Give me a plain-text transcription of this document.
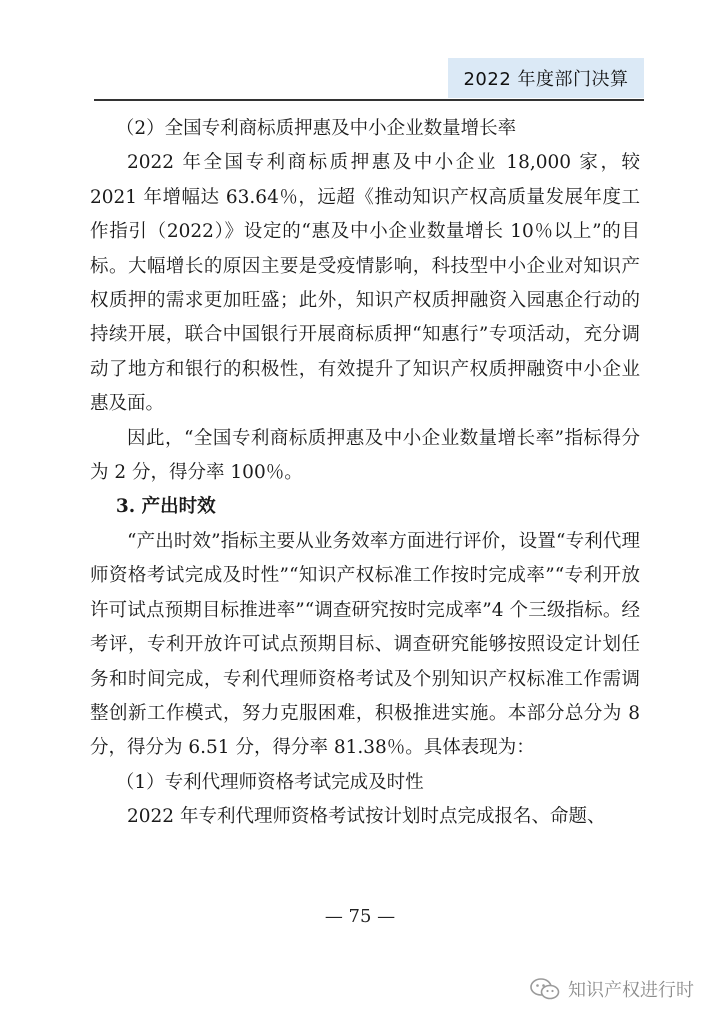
2022 年度部门决算

（2）全国专利商标质押惠及中小企业数量增长率

2022 年全国专利商标质押惠及中小企业 18,000 家，较 2021 年增幅达 63.64％，远超《推动知识产权高质量发展年度工作指引（2022）》设定的“惠及中小企业数量增长 10％以上”的目标。大幅增长的原因主要是受疫情影响，科技型中小企业对知识产权质押的需求更加旺盛；此外，知识产权质押融资入园惠企行动的持续开展，联合中国银行开展商标质押“知惠行”专项活动，充分调动了地方和银行的积极性，有效提升了知识产权质押融资中小企业惠及面。

因此，“全国专利商标质押惠及中小企业数量增长率”指标得分为 2 分，得分率 100％。

3. 产出时效

“产出时效”指标主要从业务效率方面进行评价，设置“专利代理师资格考试完成及时性”“知识产权标准工作按时完成率”“专利开放许可试点预期目标推进率”“调查研究按时完成率”4 个三级指标。经考评，专利开放许可试点预期目标、调查研究能够按照设定计划任务和时间完成，专利代理师资格考试及个别知识产权标准工作需调整创新工作模式，努力克服困难，积极推进实施。本部分总分为 8 分，得分为 6.51 分，得分率 81.38％。具体表现为：

（1）专利代理师资格考试完成及时性

2022 年专利代理师资格考试按计划时点完成报名、命题、

— 75 —
知识产权进行时
